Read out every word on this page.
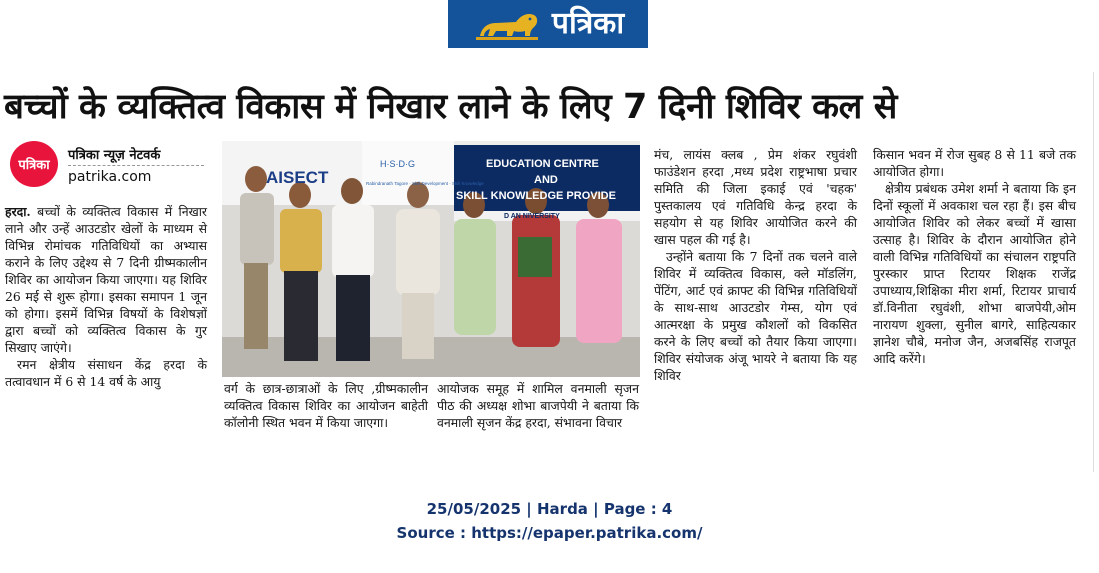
पत्रिका
बच्चों के व्यक्तित्व विकास में निखार लाने के लिए 7 दिनी शिविर कल से
पत्रिका
पत्रिका न्यूज़ नेटवर्क
patrika.com

हरदा. बच्चों के व्यक्तित्व विकास में निखार लाने और उन्हें आउटडोर खेलों के माध्यम से विभिन्न रोमांचक गतिविधियों का अभ्यास कराने के लिए उद्देश्य से 7 दिनी ग्रीष्मकालीन शिविर का आयोजन किया जाएगा। यह शिविर 26 मई से शुरू होगा। इसका समापन 1 जून को होगा। इसमें विभिन्न विषयों के विशेषज्ञों द्वारा बच्चों को व्यक्तित्व विकास के गुर सिखाए जाएंगे।

रमन क्षेत्रीय संसाधन केंद्र हरदा के तत्वावधान में 6 से 14 वर्ष के आयु

AISECT
H·S·D·G
Rabindranath Tagore · Skill Development · Skill Knowledge
EDUCATION CENTRE
AND
SKILL KNOWLEDGE PROVIDE
D AN NIVERSITY

वर्ग के छात्र-छात्राओं के लिए ,ग्रीष्मकालीन व्यक्तित्व विकास शिविर का आयोजन बाहेती कॉलोनी स्थित भवन में किया जाएगा।

आयोजक समूह में शामिल वनमाली सृजन पीठ की अध्यक्ष शोभा बाजपेयी ने बताया कि वनमाली सृजन केंद्र हरदा, संभावना विचार

मंच, लायंस क्लब , प्रेम शंकर रघुवंशी फाउंडेशन हरदा ,मध्य प्रदेश राष्ट्रभाषा प्रचार समिति की जिला इकाई एवं 'चहक' पुस्तकालय एवं गतिविधि केन्द्र हरदा के सहयोग से यह शिविर आयोजित करने की खास पहल की गई है।

उन्होंने बताया कि 7 दिनों तक चलने वाले शिविर में व्यक्तित्व विकास, क्ले मॉडलिंग, पेंटिंग, आर्ट एवं क्राफ्ट की विभिन्न गतिविधियों के साथ-साथ आउटडोर गेम्स, योग एवं आत्मरक्षा के प्रमुख कौशलों को विकसित करने के लिए बच्चों को तैयार किया जाएगा।शिविर संयोजक अंजू भायरे ने बताया कि यह शिविर

किसान भवन में रोज सुबह 8 से 11 बजे तक आयोजित होगा।

क्षेत्रीय प्रबंधक उमेश शर्मा ने बताया कि इन दिनों स्कूलों में अवकाश चल रहा हैं। इस बीच आयोजित शिविर को लेकर बच्चों में खासा उत्साह है। शिविर के दौरान आयोजित होने वाली विभिन्न गतिविधियों का संचालन राष्ट्रपति पुरस्कार प्राप्त रिटायर शिक्षक राजेंद्र उपाध्याय,शिक्षिका मीरा शर्मा, रिटायर प्राचार्य डॉ.विनीता रघुवंशी, शोभा बाजपेयी,ओम नारायण शुक्ला, सुनील बागरे, साहित्यकार ज्ञानेश चौबे, मनोज जैन, अजबसिंह राजपूत आदि करेंगे।

25/05/2025 | Harda | Page : 4
Source : https://epaper.patrika.com/
